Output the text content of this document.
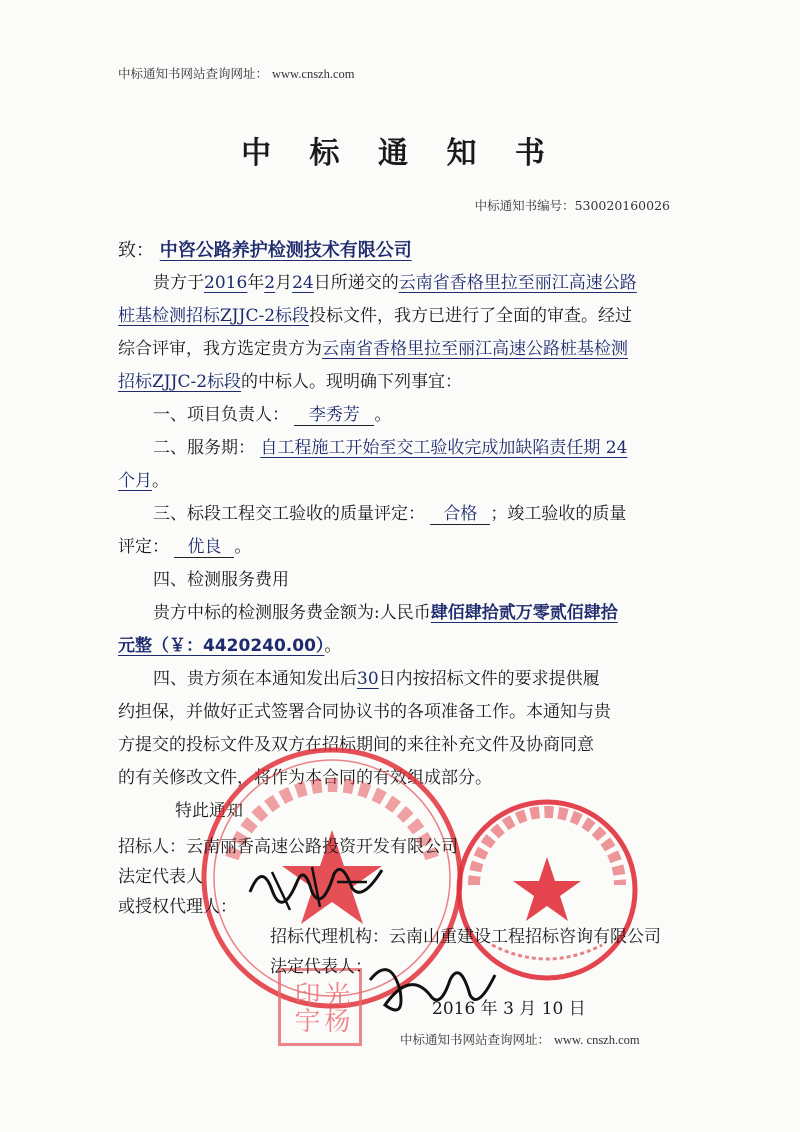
中标通知书网站查询网址： www.cnszh.com
中 标 通 知 书
中标通知书编号：530020160026
致： 中咨公路养护检测技术有限公司
贵方于2016年2月24日所递交的云南省香格里拉至丽江高速公路
桩基检测招标ZJJC-2标段投标文件，我方已进行了全面的审查。经过
综合评审，我方选定贵方为云南省香格里拉至丽江高速公路桩基检测
招标ZJJC-2标段的中标人。现明确下列事宜：
一、项目负责人： 李秀芳 。
二、服务期： 自工程施工开始至交工验收完成加缺陷责任期 24
个月。
三、标段工程交工验收的质量评定： 合格 ；竣工验收的质量
评定： 优良 。
四、检测服务费用
贵方中标的检测服务费金额为:人民币肆佰肆拾贰万零贰佰肆拾
元整（￥：4420240.00）。
四、贵方须在本通知发出后30日内按招标文件的要求提供履
约担保，并做好正式签署合同协议书的各项准备工作。本通知与贵
方提交的投标文件及双方在招标期间的来往补充文件及协商同意
的有关修改文件，将作为本合同的有效组成部分。
特此通知
光杨印宇
招标人：云南丽香高速公路投资开发有限公司
法定代表人
或授权代理人：
招标代理机构：云南山重建设工程招标咨询有限公司
法定代表人：
2016 年 3 月 10 日
中标通知书网站查询网址： www. cnszh.com
